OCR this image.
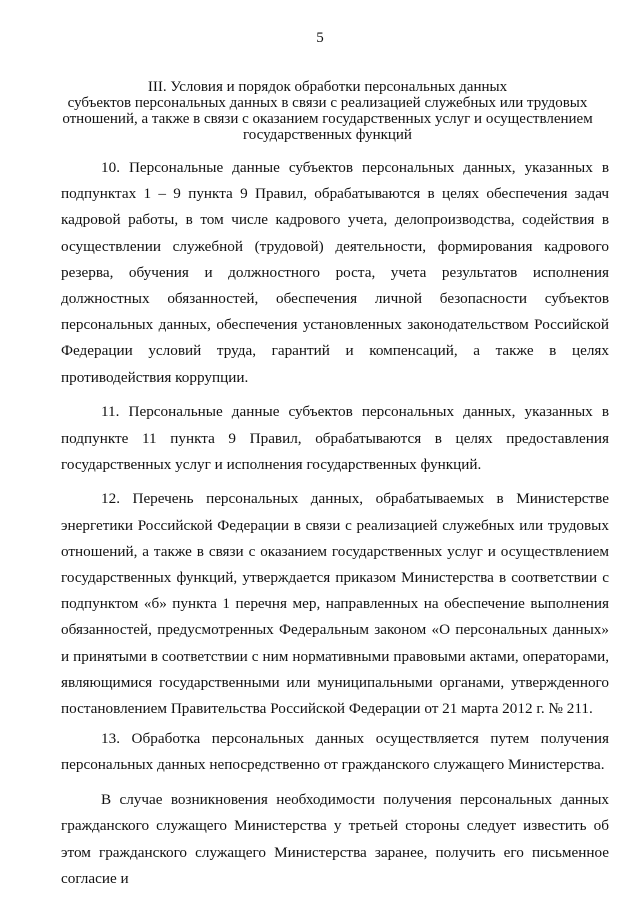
5
III. Условия и порядок обработки персональных данных
субъектов персональных данных в связи с реализацией служебных или трудовых
отношений, а также в связи с оказанием государственных услуг и осуществлением
государственных функций

10. Персональные данные субъектов персональных данных, указанных в подпунктах 1 – 9 пункта 9 Правил, обрабатываются в целях обеспечения задач кадровой работы, в том числе кадрового учета, делопроизводства, содействия в осуществлении служебной (трудовой) деятельности, формирования кадрового резерва, обучения и должностного роста, учета результатов исполнения должностных обязанностей, обеспечения личной безопасности субъектов персональных данных, обеспечения установленных законодательством Российской Федерации условий труда, гарантий и компенсаций, а также в целях противодействия коррупции.

11. Персональные данные субъектов персональных данных, указанных в подпункте 11 пункта 9 Правил, обрабатываются в целях предоставления государственных услуг и исполнения государственных функций.

12. Перечень персональных данных, обрабатываемых в Министерстве энергетики Российской Федерации в связи с реализацией служебных или трудовых отношений, а также в связи с оказанием государственных услуг и осуществлением государственных функций, утверждается приказом Министерства в соответствии с подпунктом «б» пункта 1 перечня мер, направленных на обеспечение выполнения обязанностей, предусмотренных Федеральным законом «О персональных данных» и принятыми в соответствии с ним нормативными правовыми актами, операторами, являющимися государственными или муниципальными органами, утвержденного постановлением Правительства Российской Федерации от 21 марта 2012 г. № 211.

13. Обработка персональных данных осуществляется путем получения персональных данных непосредственно от гражданского служащего Министерства.

В случае возникновения необходимости получения персональных данных гражданского служащего Министерства у третьей стороны следует известить об этом гражданского служащего Министерства заранее, получить его письменное согласие и
